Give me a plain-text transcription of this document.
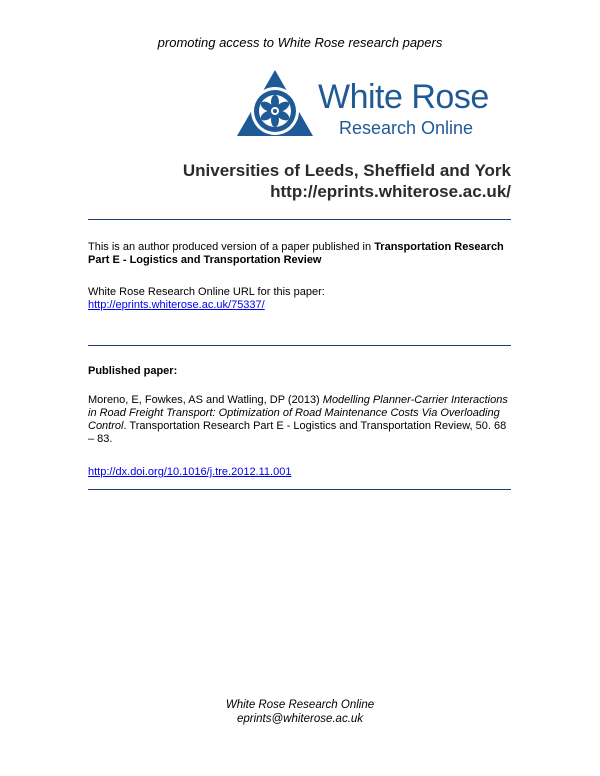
promoting access to White Rose research papers
White Rose
Research Online
Universities of Leeds, Sheffield and York
http://eprints.whiterose.ac.uk/
This is an author produced version of a paper published in Transportation Research Part E - Logistics and Transportation Review
White Rose Research Online URL for this paper:
http://eprints.whiterose.ac.uk/75337/
Published paper:
Moreno, E, Fowkes, AS and Watling, DP (2013) Modelling Planner-Carrier Interactions in Road Freight Transport: Optimization of Road Maintenance Costs Via Overloading Control. Transportation Research Part E - Logistics and Transportation Review, 50. 68 – 83.
http://dx.doi.org/10.1016/j.tre.2012.11.001
White Rose Research Online
eprints@whiterose.ac.uk
